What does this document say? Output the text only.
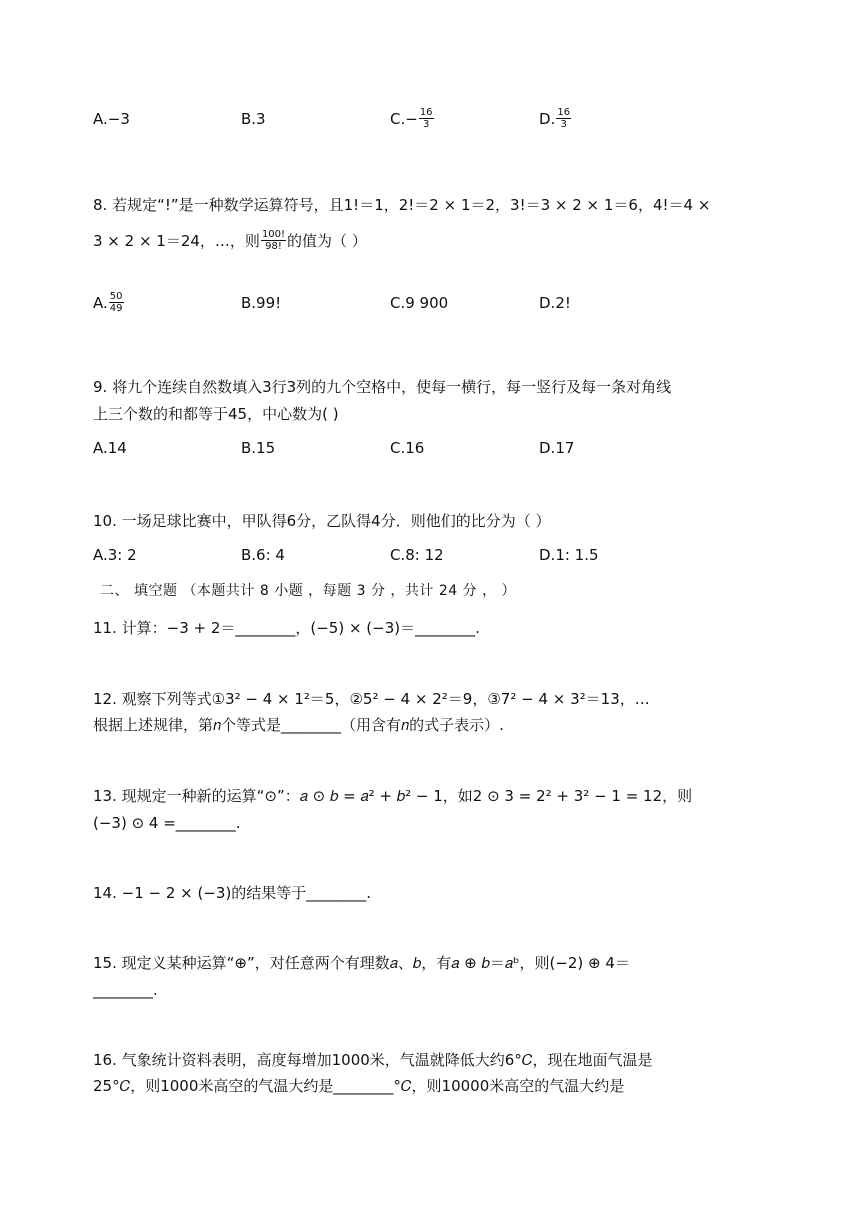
A.−3	B.3	$C.- \frac{16}{3}$	D. $\frac{16}{3}$
8. 若规定“!”是一种数学运算符号，且1!＝1，2!＝2 × 1＝2，3!＝3 × 2 × 1＝6，4!＝4 ×
3 × 2 × 1＝24，…，则 $\frac{100!}{98!}$ 的值为（ ）
A. $\frac{50}{49}$	B.99!	C.9 900	D.2!
9. 将九个连续自然数填入3行3列的九个空格中，使每一横行，每一竖行及每一条对角线
上三个数的和都等于45，中心数为( )
A.14	B.15	C.16	D.17
10. 一场足球比赛中，甲队得6分，乙队得4分．则他们的比分为（ ）
A.3: 2	B.6: 4	C.8: 12	D.1: 1.5
二、 填空题 （本题共计 8 小题 ，每题 3 分 ，共计 24 分 ， ）
11. 计算：−3 + 2＝________，(−5) × (−3)＝________.
12. 观察下列等式①3² − 4 × 1²＝5，②5² − 4 × 2²＝9，③7² − 4 × 3²＝13，…
根据上述规律，第𝑛个等式是________（用含有𝑛的式子表示）.
13. 现规定一种新的运算“⊙”：𝑎 ⊙ 𝑏 = 𝑎² + 𝑏² − 1，如2 ⊙ 3 = 2² + 3² − 1 = 12，则
(−3) ⊙ 4 =________.
14. −1 − 2 × (−3)的结果等于________.
15. 现定义某种运算“⊕”，对任意两个有理数𝑎、𝑏，有𝑎 ⊕ 𝑏＝𝑎ᵇ，则(−2) ⊕ 4＝
________.
16. 气象统计资料表明，高度每增加1000米，气温就降低大约6°𝐶，现在地面气温是
25°𝐶，则1000米高空的气温大约是________°𝐶，则10000米高空的气温大约是
